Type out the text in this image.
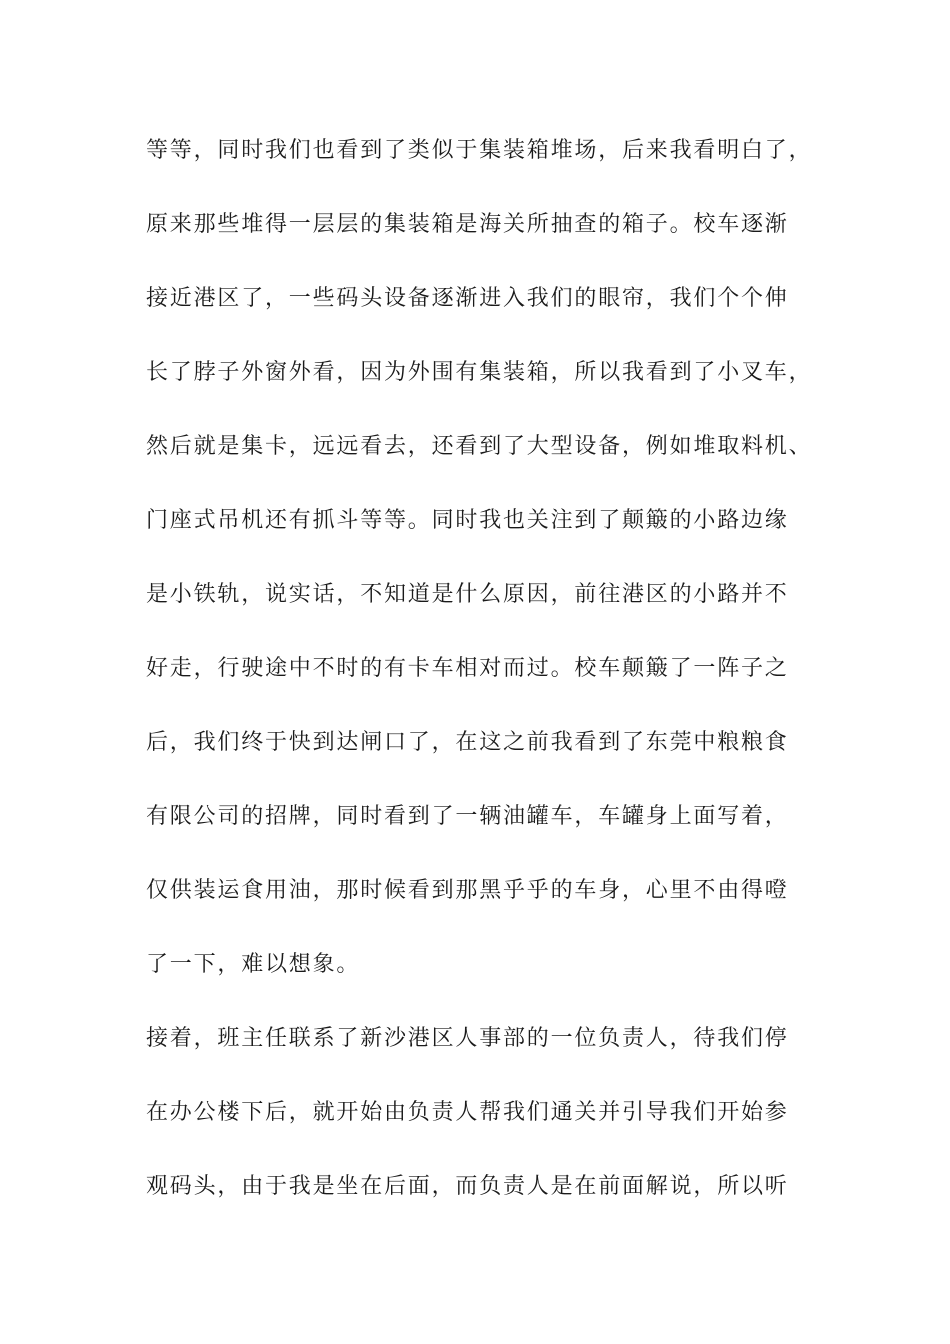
等等，同时我们也看到了类似于集装箱堆场，后来我看明白了，
原来那些堆得一层层的集装箱是海关所抽查的箱子。校车逐渐
接近港区了，一些码头设备逐渐进入我们的眼帘，我们个个伸
长了脖子外窗外看，因为外围有集装箱，所以我看到了小叉车，
然后就是集卡，远远看去，还看到了大型设备，例如堆取料机、
门座式吊机还有抓斗等等。同时我也关注到了颠簸的小路边缘
是小铁轨，说实话，不知道是什么原因，前往港区的小路并不
好走，行驶途中不时的有卡车相对而过。校车颠簸了一阵子之
后，我们终于快到达闸口了，在这之前我看到了东莞中粮粮食
有限公司的招牌，同时看到了一辆油罐车，车罐身上面写着，
仅供装运食用油，那时候看到那黑乎乎的车身，心里不由得噔
了一下，难以想象。
接着，班主任联系了新沙港区人事部的一位负责人，待我们停
在办公楼下后，就开始由负责人帮我们通关并引导我们开始参
观码头，由于我是坐在后面，而负责人是在前面解说，所以听
